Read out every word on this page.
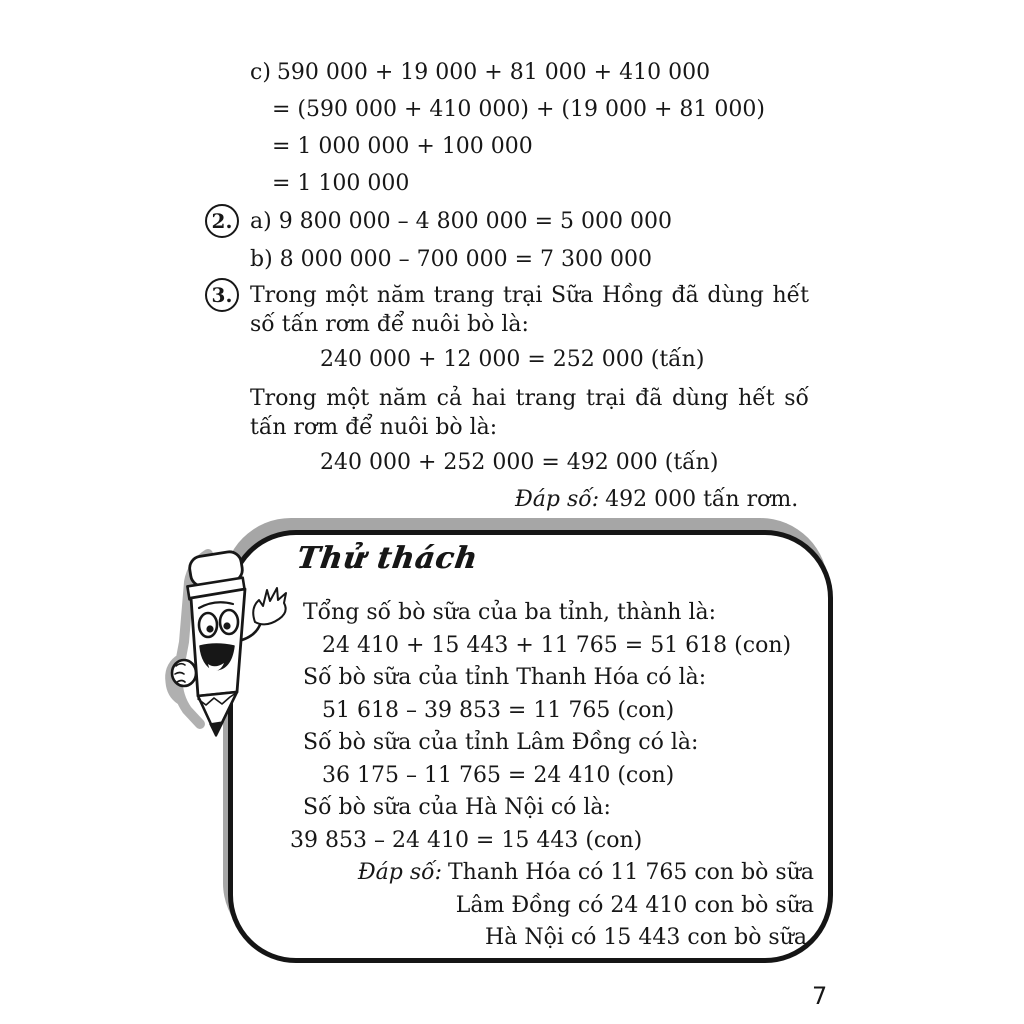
c) 590 000 + 19 000 + 81 000 + 410 000
= (590 000 + 410 000) + (19 000 + 81 000)
= 1 000 000 + 100 000
= 1 100 000
2. a) 9 800 000 – 4 800 000 = 5 000 000
b) 8 000 000 – 700 000 = 7 300 000
3. Trong một năm trang trại Sữa Hồng đã dùng hết số tấn rơm để nuôi bò là:
240 000 + 12 000 = 252 000 (tấn)
Trong một năm cả hai trang trại đã dùng hết số tấn rơm để nuôi bò là:
240 000 + 252 000 = 492 000 (tấn)
Đáp số: 492 000 tấn rơm.
Thử thách
Tổng số bò sữa của ba tỉnh, thành là:
24 410 + 15 443 + 11 765 = 51 618 (con)
Số bò sữa của tỉnh Thanh Hóa có là:
51 618 – 39 853 = 11 765 (con)
Số bò sữa của tỉnh Lâm Đồng có là:
36 175 – 11 765 = 24 410 (con)
Số bò sữa của Hà Nội có là:
39 853 – 24 410 = 15 443 (con)
Đáp số: Thanh Hóa có 11 765 con bò sữa
Lâm Đồng có 24 410 con bò sữa
Hà Nội có 15 443 con bò sữa.
7
